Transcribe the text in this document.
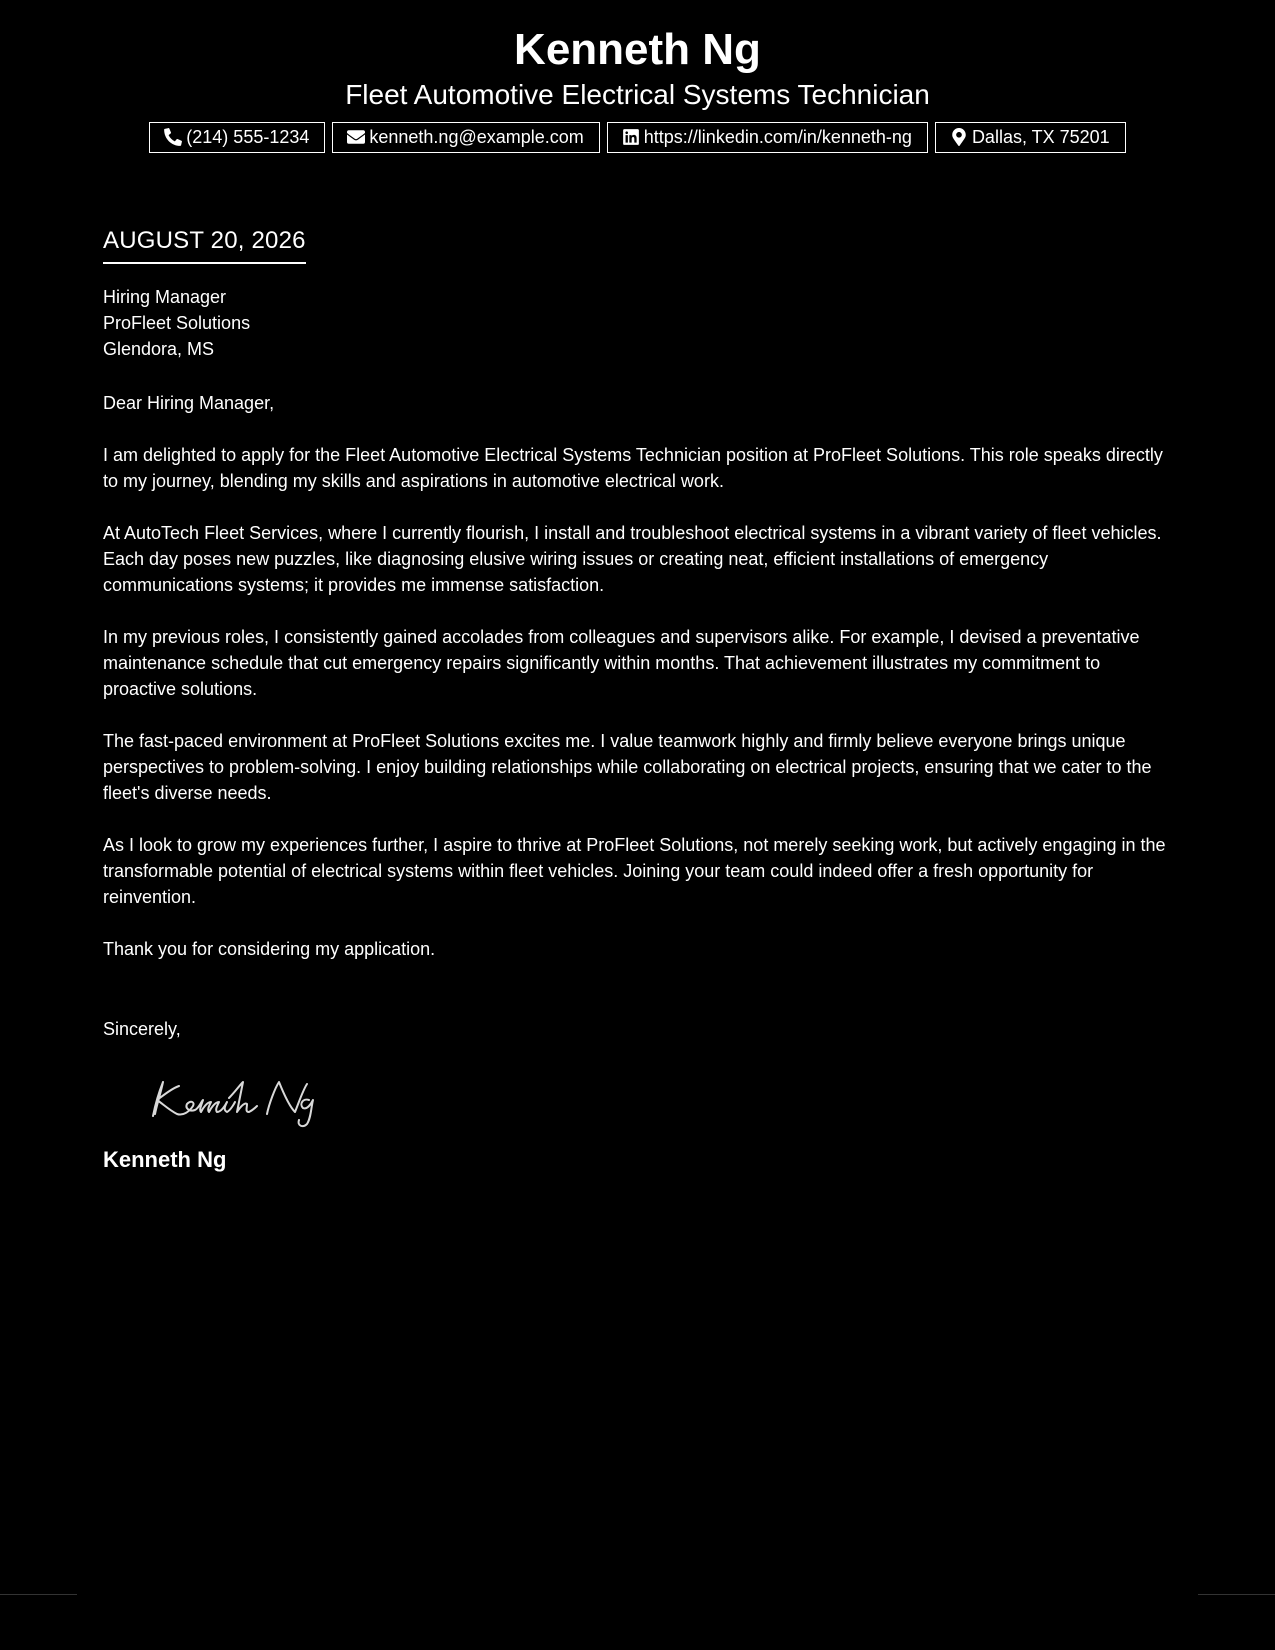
Kenneth Ng
Fleet Automotive Electrical Systems Technician
(214) 555-1234	kenneth.ng@example.com	https://linkedin.com/in/kenneth-ng	Dallas, TX 75201
AUGUST 20, 2026
Hiring Manager
ProFleet Solutions
Glendora, MS
Dear Hiring Manager,

I am delighted to apply for the Fleet Automotive Electrical Systems Technician position at ProFleet Solutions. This role speaks directly to my journey, blending my skills and aspirations in automotive electrical work.

At AutoTech Fleet Services, where I currently flourish, I install and troubleshoot electrical systems in a vibrant variety of fleet vehicles. Each day poses new puzzles, like diagnosing elusive wiring issues or creating neat, efficient installations of emergency communications systems; it provides me immense satisfaction.

In my previous roles, I consistently gained accolades from colleagues and supervisors alike. For example, I devised a preventative maintenance schedule that cut emergency repairs significantly within months. That achievement illustrates my commitment to proactive solutions.

The fast-paced environment at ProFleet Solutions excites me. I value teamwork highly and firmly believe everyone brings unique perspectives to problem-solving. I enjoy building relationships while collaborating on electrical projects, ensuring that we cater to the fleet's diverse needs.

As I look to grow my experiences further, I aspire to thrive at ProFleet Solutions, not merely seeking work, but actively engaging in the transformable potential of electrical systems within fleet vehicles. Joining your team could indeed offer a fresh opportunity for reinvention.

Thank you for considering my application.

Sincerely,
Kenneth Ng
